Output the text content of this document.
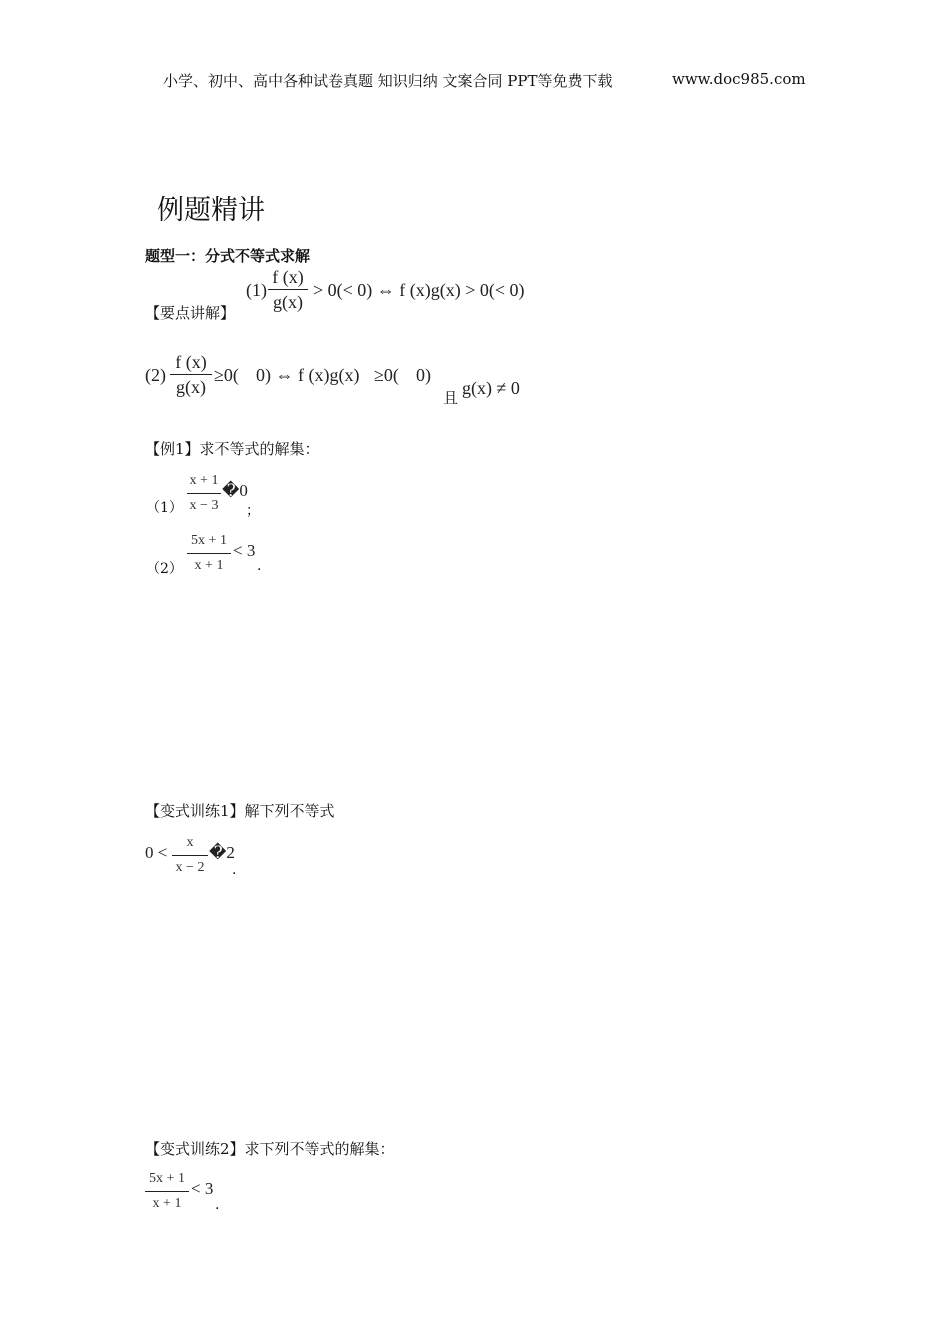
小学、初中、高中各种试卷真题 知识归纳 文案合同 PPT等免费下载	www.doc985.com
例题精讲
题型一：分式不等式求解
【要点讲解】
(1)
f (x)
g(x)
> 0(< 0) ⇔ f (x)g(x) > 0(< 0)
(2)
f (x)
g(x)
≥0( 0) ⇔ f (x)g(x) ≥0( 0)
且 g(x) ≠ 0
【例1】求不等式的解集：
（1）
x + 1
x − 3
�0
；
（2）
5x + 1
x + 1
< 3
.
【变式训练1】解下列不等式
0 <
x
x − 2
�2
.
【变式训练2】求下列不等式的解集：
5x + 1
x + 1
< 3
.
